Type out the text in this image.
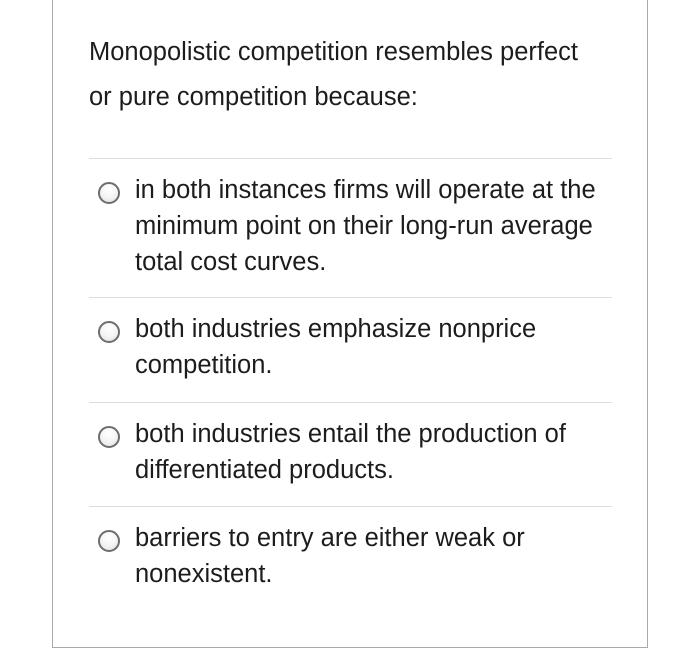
Monopolistic competition resembles perfect or pure competition because:
in both instances firms will operate at the minimum point on their long-run average total cost curves.
both industries emphasize nonprice competition.
both industries entail the production of differentiated products.
barriers to entry are either weak or nonexistent.
